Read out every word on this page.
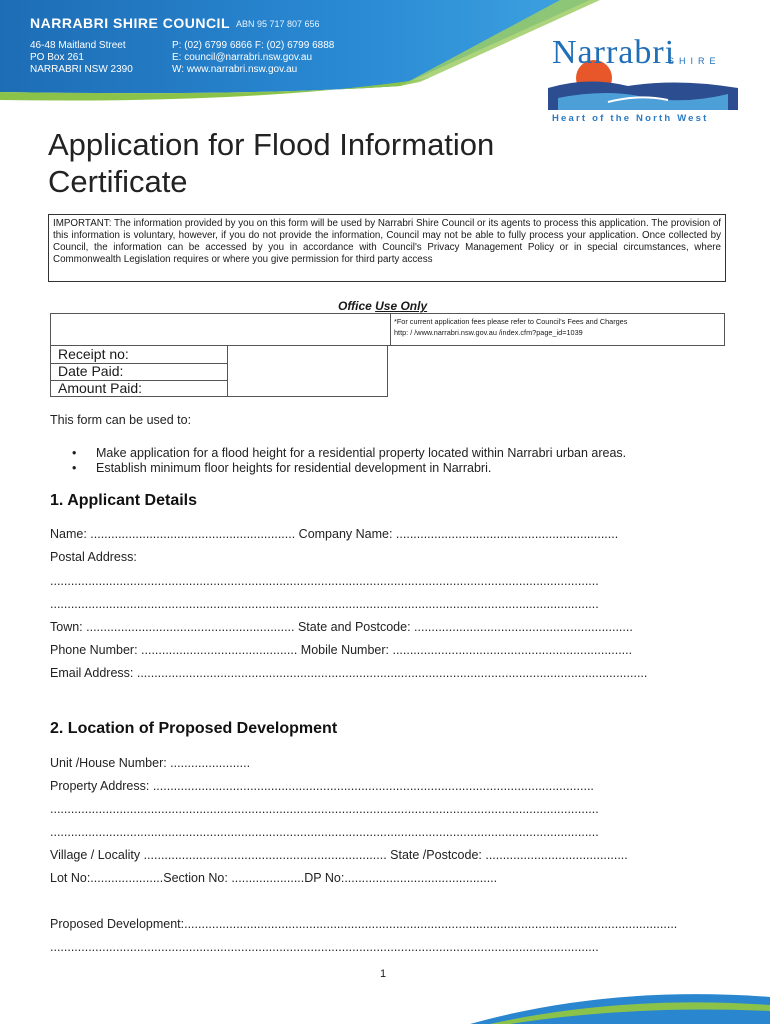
NARRABRI SHIRE COUNCIL ABN 95 717 807 656
46-48 Maitland Street
PO Box 261
NARRABRI NSW 2390
P: (02) 6799 6866 F: (02) 6799 6888
E: council@narrabri.nsw.gov.au
W: www.narrabri.nsw.gov.au	Narrabri
SHIRE
Heart of the North West
Application for Flood Information Certificate
IMPORTANT: The information provided by you on this form will be used by Narrabri Shire Council or its agents to process this application. The provision of this information is voluntary, however, if you do not provide the information, Council may not be able to fully process your application. Once collected by Council, the information can be accessed by you in accordance with Council's Privacy Management Policy or in special circumstances, where Commonwealth Legislation requires or where you give permission for third party access
Office Use Only
*For current application fees please refer to Council's Fees and Charges
http: / /www.narrabri.nsw.gov.au /index.cfm?page_id=1039
Receipt no:
Date Paid:
Amount Paid:
This form can be used to:
• Make application for a flood height for a residential property located within Narrabri urban areas.
• Establish minimum floor heights for residential development in Narrabri.
1. Applicant Details
Name: ........................................................... Company Name: ................................................................
Postal Address:
..............................................................................................................................................................
..............................................................................................................................................................
Town: ............................................................ State and Postcode: ...............................................................
Phone Number: ............................................. Mobile Number: .....................................................................
Email Address: ...................................................................................................................................................
2. Location of Proposed Development
Unit /House Number: .......................
Property Address: ...............................................................................................................................
..............................................................................................................................................................
..............................................................................................................................................................
Village / Locality ...................................................................... State /Postcode: .........................................
Lot No:.....................Section No: .....................DP No:............................................
Proposed Development:..............................................................................................................................................
..............................................................................................................................................................
1
